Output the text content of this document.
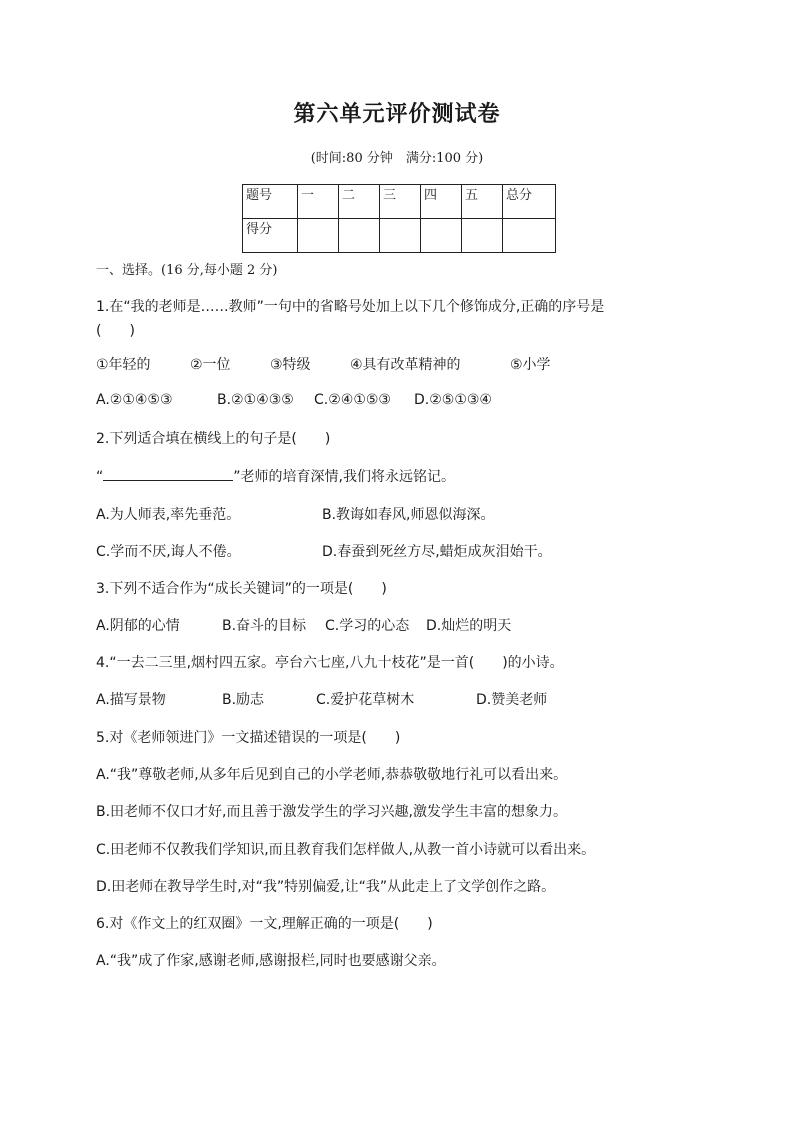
第六单元评价测试卷
(时间:80 分钟　满分:100 分)
题号	一	二	三	四	五	总分
得分						
一、选择。(16 分,每小题 2 分)
1.在“我的老师是……教师”一句中的省略号处加上以下几个修饰成分,正确的序号是
(　　)
①年轻的	②一位	③特级	④具有改革精神的	⑤小学
A.②①④⑤③	B.②①④③⑤ C.②④①⑤③ D.②⑤①③④
2.下列适合填在横线上的句子是(　　)
“	”老师的培育深情,我们将永远铭记。
A.为人师表,率先垂范。	B.教诲如春风,师恩似海深。
C.学而不厌,诲人不倦。	D.春蚕到死丝方尽,蜡炬成灰泪始干。
3.下列不适合作为“成长关键词”的一项是(　　)
A.阴郁的心情	B.奋斗的目标 C.学习的心态 D.灿烂的明天
4.“一去二三里,烟村四五家。亭台六七座,八九十枝花”是一首(　　)的小诗。
A.描写景物	B.励志	C.爱护花草树木	D.赞美老师
5.对《老师领进门》一文描述错误的一项是(　　)
A.“我”尊敬老师,从多年后见到自己的小学老师,恭恭敬敬地行礼可以看出来。
B.田老师不仅口才好,而且善于激发学生的学习兴趣,激发学生丰富的想象力。
C.田老师不仅教我们学知识,而且教育我们怎样做人,从教一首小诗就可以看出来。
D.田老师在教导学生时,对“我”特别偏爱,让“我”从此走上了文学创作之路。
6.对《作文上的红双圈》一文,理解正确的一项是(　　)
A.“我”成了作家,感谢老师,感谢报栏,同时也要感谢父亲。
